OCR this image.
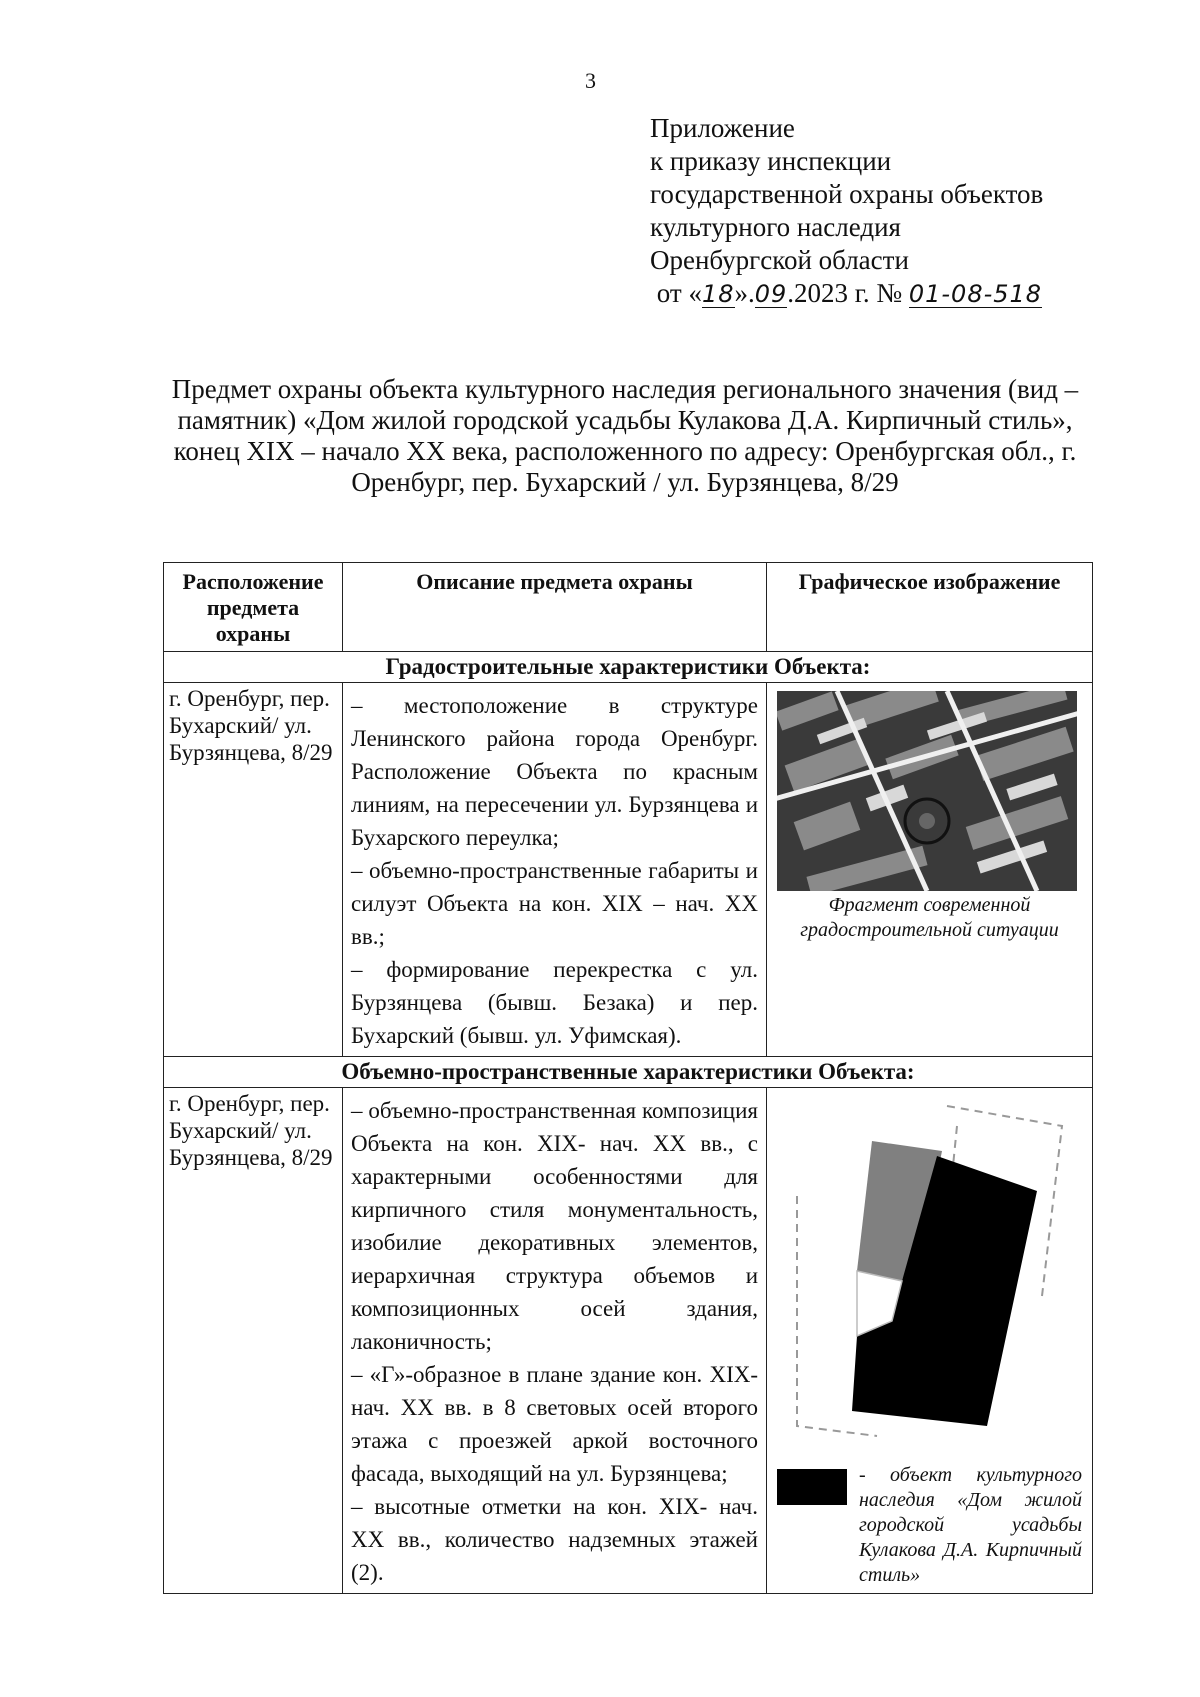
3
Приложение
к приказу инспекции
государственной охраны объектов
культурного наследия
Оренбургской области
от «18».09.2023 г. № 01-08-518
Предмет охраны объекта культурного наследия регионального значения (вид – памятник) «Дом жилой городской усадьбы Кулакова Д.А. Кирпичный стиль», конец XIX – начало XX века, расположенного по адресу: Оренбургская обл., г. Оренбург, пер. Бухарский / ул. Бурзянцева, 8/29
Расположение предмета охраны	Описание предмета охраны	Графическое изображение
Градостроительные характеристики Объекта:		
г. Оренбург, пер. Бухарский/ ул. Бурзянцева, 8/29	– местоположение в структуре Ленинского района города Оренбург. Расположение Объекта по красным линиям, на пересечении ул. Бурзянцева и Бухарского переулка;

– объемно-пространственные габариты и силуэт Объекта на кон. XIX – нач. XX вв.;

– формирование перекрестка с ул. Бурзянцева (бывш. Безака) и пер. Бухарский (бывш. ул. Уфимская).	Фрагмент современной градостроительной ситуации

Объемно-пространственные характеристики Объекта:		
г. Оренбург, пер. Бухарский/ ул. Бурзянцева, 8/29	– объемно-пространственная композиция Объекта на кон. XIX- нач. XX вв., с характерными особенностями для кирпичного стиля монументальность, изобилие декоративных элементов, иерархичная структура объемов и композиционных осей здания, лаконичность;

– «Г»-образное в плане здание кон. XIX- нач. XX вв. в 8 световых осей второго этажа с проезжей аркой восточного фасада, выходящий на ул. Бурзянцева;

– высотные отметки на кон. XIX- нач. XX вв., количество надземных этажей (2).	- объект культурного наследия «Дом жилой городской усадьбы Кулакова Д.А. Кирпичный стиль»
